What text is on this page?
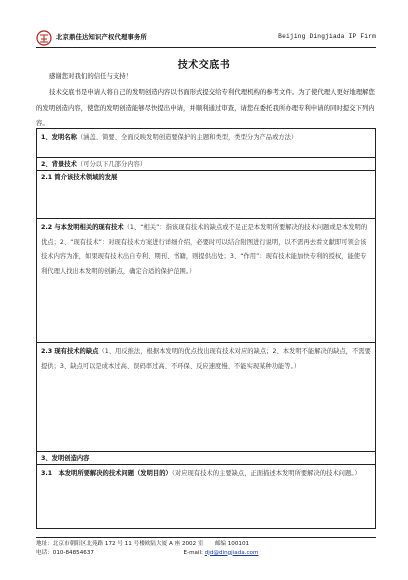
北京鼎佳达知识产权代理事务所	Beijing Dingjiada IP Firm
技术交底书

感谢您对我们的信任与支持！

技术交底书是申请人将自己的发明创造内容以书面形式提交给专利代理机构的参考文件。为了使代理人更好地理解您的发明创造内容，使您的发明创造能够尽快提出申请，并顺利通过审查，请您在委托我所办理专利申请的同时提交下列内容。

1、发明名称（涵盖、简要、全面反映发明创造要保护的主题和类型，类型分为产品或方法）
2、背景技术（可分以下几部分内容）
2.1 简介该技术领域的发展
2.2 与本发明相关的现有技术（1、“相关”：指该现有技术的缺点或不足正是本发明所要解决的技术问题或是本发明的优点；2、“现有技术”：对现有技术方案进行详细介绍，必要时可以结合附图进行说明，以不需再去看文献即可领会该技术内容为准，如果现有技术出自专利、期刊、书籍，则提供出处；3、“作用”：现有技术能加快专利的授权，能使专利代理人找出本发明的创新点，确定合适的保护范围。）
2.3 现有技术的缺点（1、用反推法，根据本发明的优点找出现有技术对应的缺点；2、本发明不能解决的缺点，不需要提供；3、缺点可以是成本过高、误码率过高、不环保、反应速度慢、不能实现某种功能等。）
3、发明创造内容
3.1　本发明所要解决的技术问题（发明目的）（对应现有技术的主要缺点，正面描述本发明所要解决的技术问题。）
地址：北京市朝阳区北苑路 172 号 11 号楼欧陆大厦 A 座 2002 室　　邮编 100101
电话：010-84854637	E-mail: djd@dingjiada.com
